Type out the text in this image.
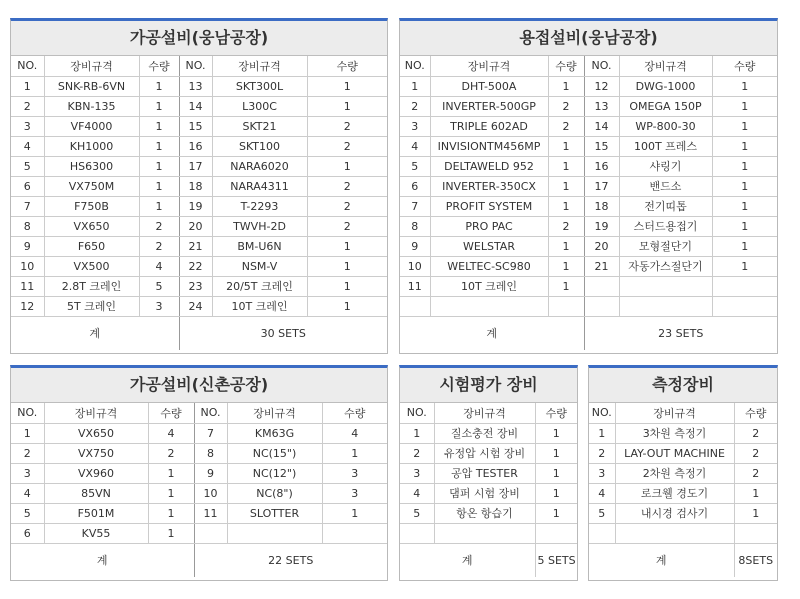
가공설비(웅남공장)
NO.	장비규격	수량	NO.	장비규격	수량
1	SNK-RB-6VN	1	13	SKT300L	1
2	KBN-135	1	14	L300C	1
3	VF4000	1	15	SKT21	2
4	KH1000	1	16	SKT100	2
5	HS6300	1	17	NARA6020	1
6	VX750M	1	18	NARA4311	2
7	F750B	1	19	T-2293	2
8	VX650	2	20	TWVH-2D	2
9	F650	2	21	BM-U6N	1
10	VX500	4	22	NSM-V	1
11	2.8T 크레인	5	23	20/5T 크레인	1
12	5T 크레인	3	24	10T 크레인	1
계			30 SETS		
용접설비(웅남공장)
NO.	장비규격	수량	NO.	장비규격	수량
1	DHT-500A	1	12	DWG-1000	1
2	INVERTER-500GP	2	13	OMEGA 150P	1
3	TRIPLE 602AD	2	14	WP-800-30	1
4	INVISIONTM456MP	1	15	100T 프레스	1
5	DELTAWELD 952	1	16	샤링기	1
6	INVERTER-350CX	1	17	밴드소	1
7	PROFIT SYSTEM	1	18	전기띠톱	1
8	PRO PAC	2	19	스터드용접기	1
9	WELSTAR	1	20	모형절단기	1
10	WELTEC-SC980	1	21	자동가스절단기	1
11	10T 크레인	1			

계			23 SETS		
가공설비(신촌공장)
NO.	장비규격	수량	NO.	장비규격	수량
1	VX650	4	7	KM63G	4
2	VX750	2	8	NC(15")	1
3	VX960	1	9	NC(12")	3
4	85VN	1	10	NC(8")	3
5	F501M	1	11	SLOTTER	1
6	KV55	1			
계			22 SETS		
시험평가 장비
NO.	장비규격	수량
1	질소충전 장비	1
2	유정압 시험 장비	1
3	공압 TESTER	1
4	댐퍼 시험 장비	1
5	항온 항습기	1

계		5 SETS
측정장비
NO.	장비규격	수량
1	3차원 측정기	2
2	LAY-OUT MACHINE	2
3	2차원 측정기	2
4	로크웰 경도기	1
5	내시경 검사기	1

계		8SETS
